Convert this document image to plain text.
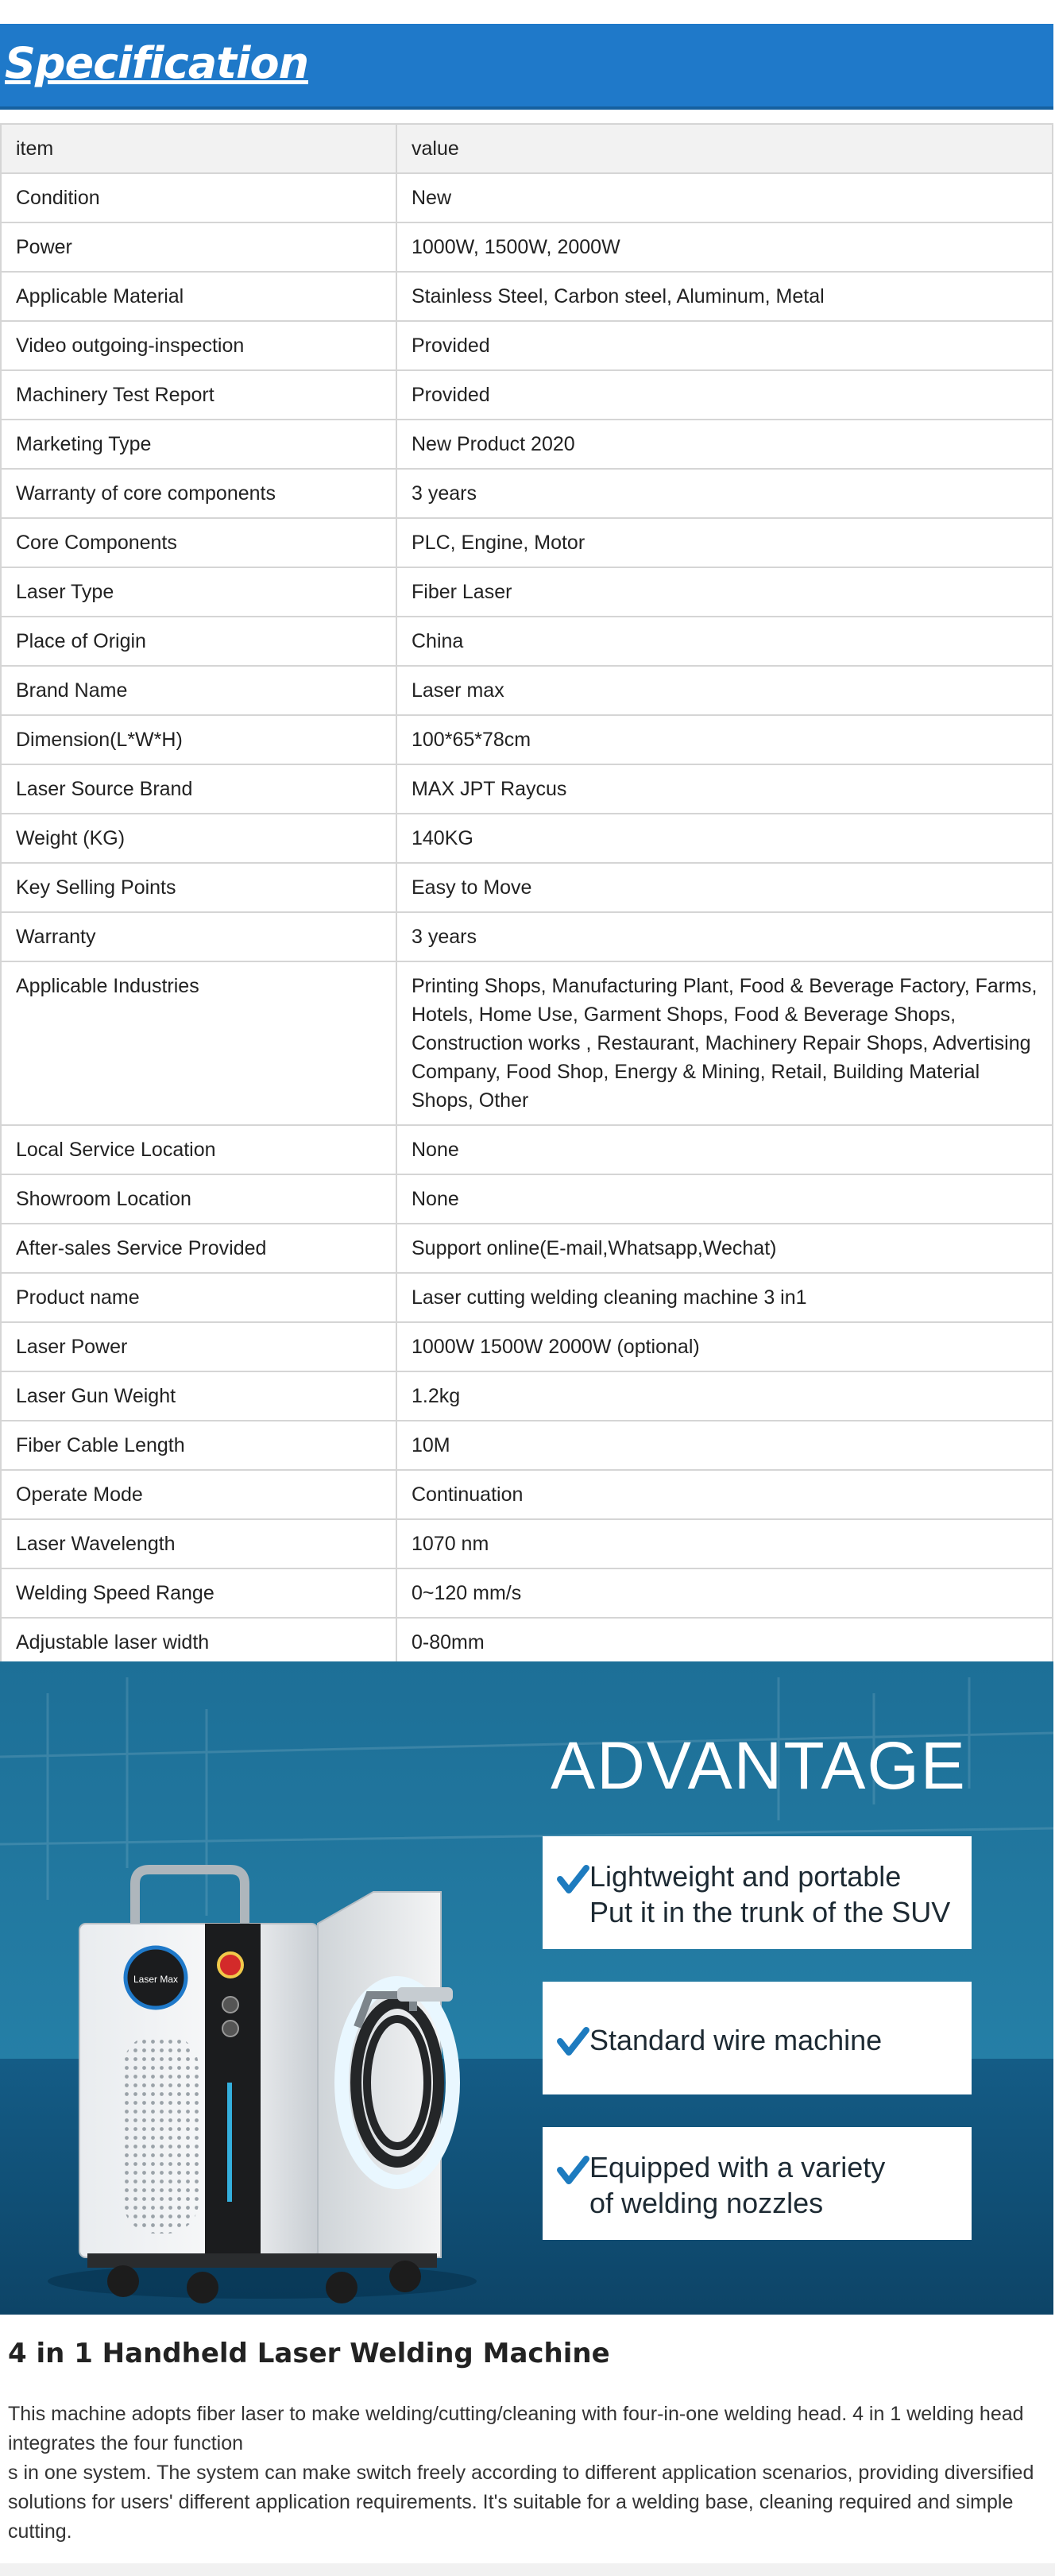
Specification
item	value
Condition	New
Power	1000W, 1500W, 2000W
Applicable Material	Stainless Steel, Carbon steel, Aluminum, Metal
Video outgoing-inspection	Provided
Machinery Test Report	Provided
Marketing Type	New Product 2020
Warranty of core components	3 years
Core Components	PLC, Engine, Motor
Laser Type	Fiber Laser
Place of Origin	China
Brand Name	Laser max
Dimension(L*W*H)	100*65*78cm
Laser Source Brand	MAX JPT Raycus
Weight (KG)	140KG
Key Selling Points	Easy to Move
Warranty	3 years
Applicable Industries	Printing Shops, Manufacturing Plant, Food & Beverage Factory, Farms, Hotels, Home Use, Garment Shops, Food & Beverage Shops, Construction works , Restaurant, Machinery Repair Shops, Advertising Company, Food Shop, Energy & Mining, Retail, Building Material Shops, Other
Local Service Location	None
Showroom Location	None
After-sales Service Provided	Support online(E-mail,Whatsapp,Wechat)
Product name	Laser cutting welding cleaning machine 3 in1
Laser Power	1000W 1500W 2000W (optional)
Laser Gun Weight	1.2kg
Fiber Cable Length	10M
Operate Mode	Continuation
Laser Wavelength	1070 nm
Welding Speed Range	0~120 mm/s
Adjustable laser width	0-80mm

Laser Max
ADVANTAGE
Lightweight and portable
Put it in the trunk of the SUV
Standard wire machine
Equipped with a variety
of welding nozzles
4 in 1 Handheld Laser Welding Machine

This machine adopts fiber laser to make welding/cutting/cleaning with four-in-one welding head. 4 in 1 welding head integrates the four function
s in one system. The system can make switch freely according to different application scenarios, providing diversified solutions for users' different application requirements. It's suitable for a welding base, cleaning required and simple cutting.
